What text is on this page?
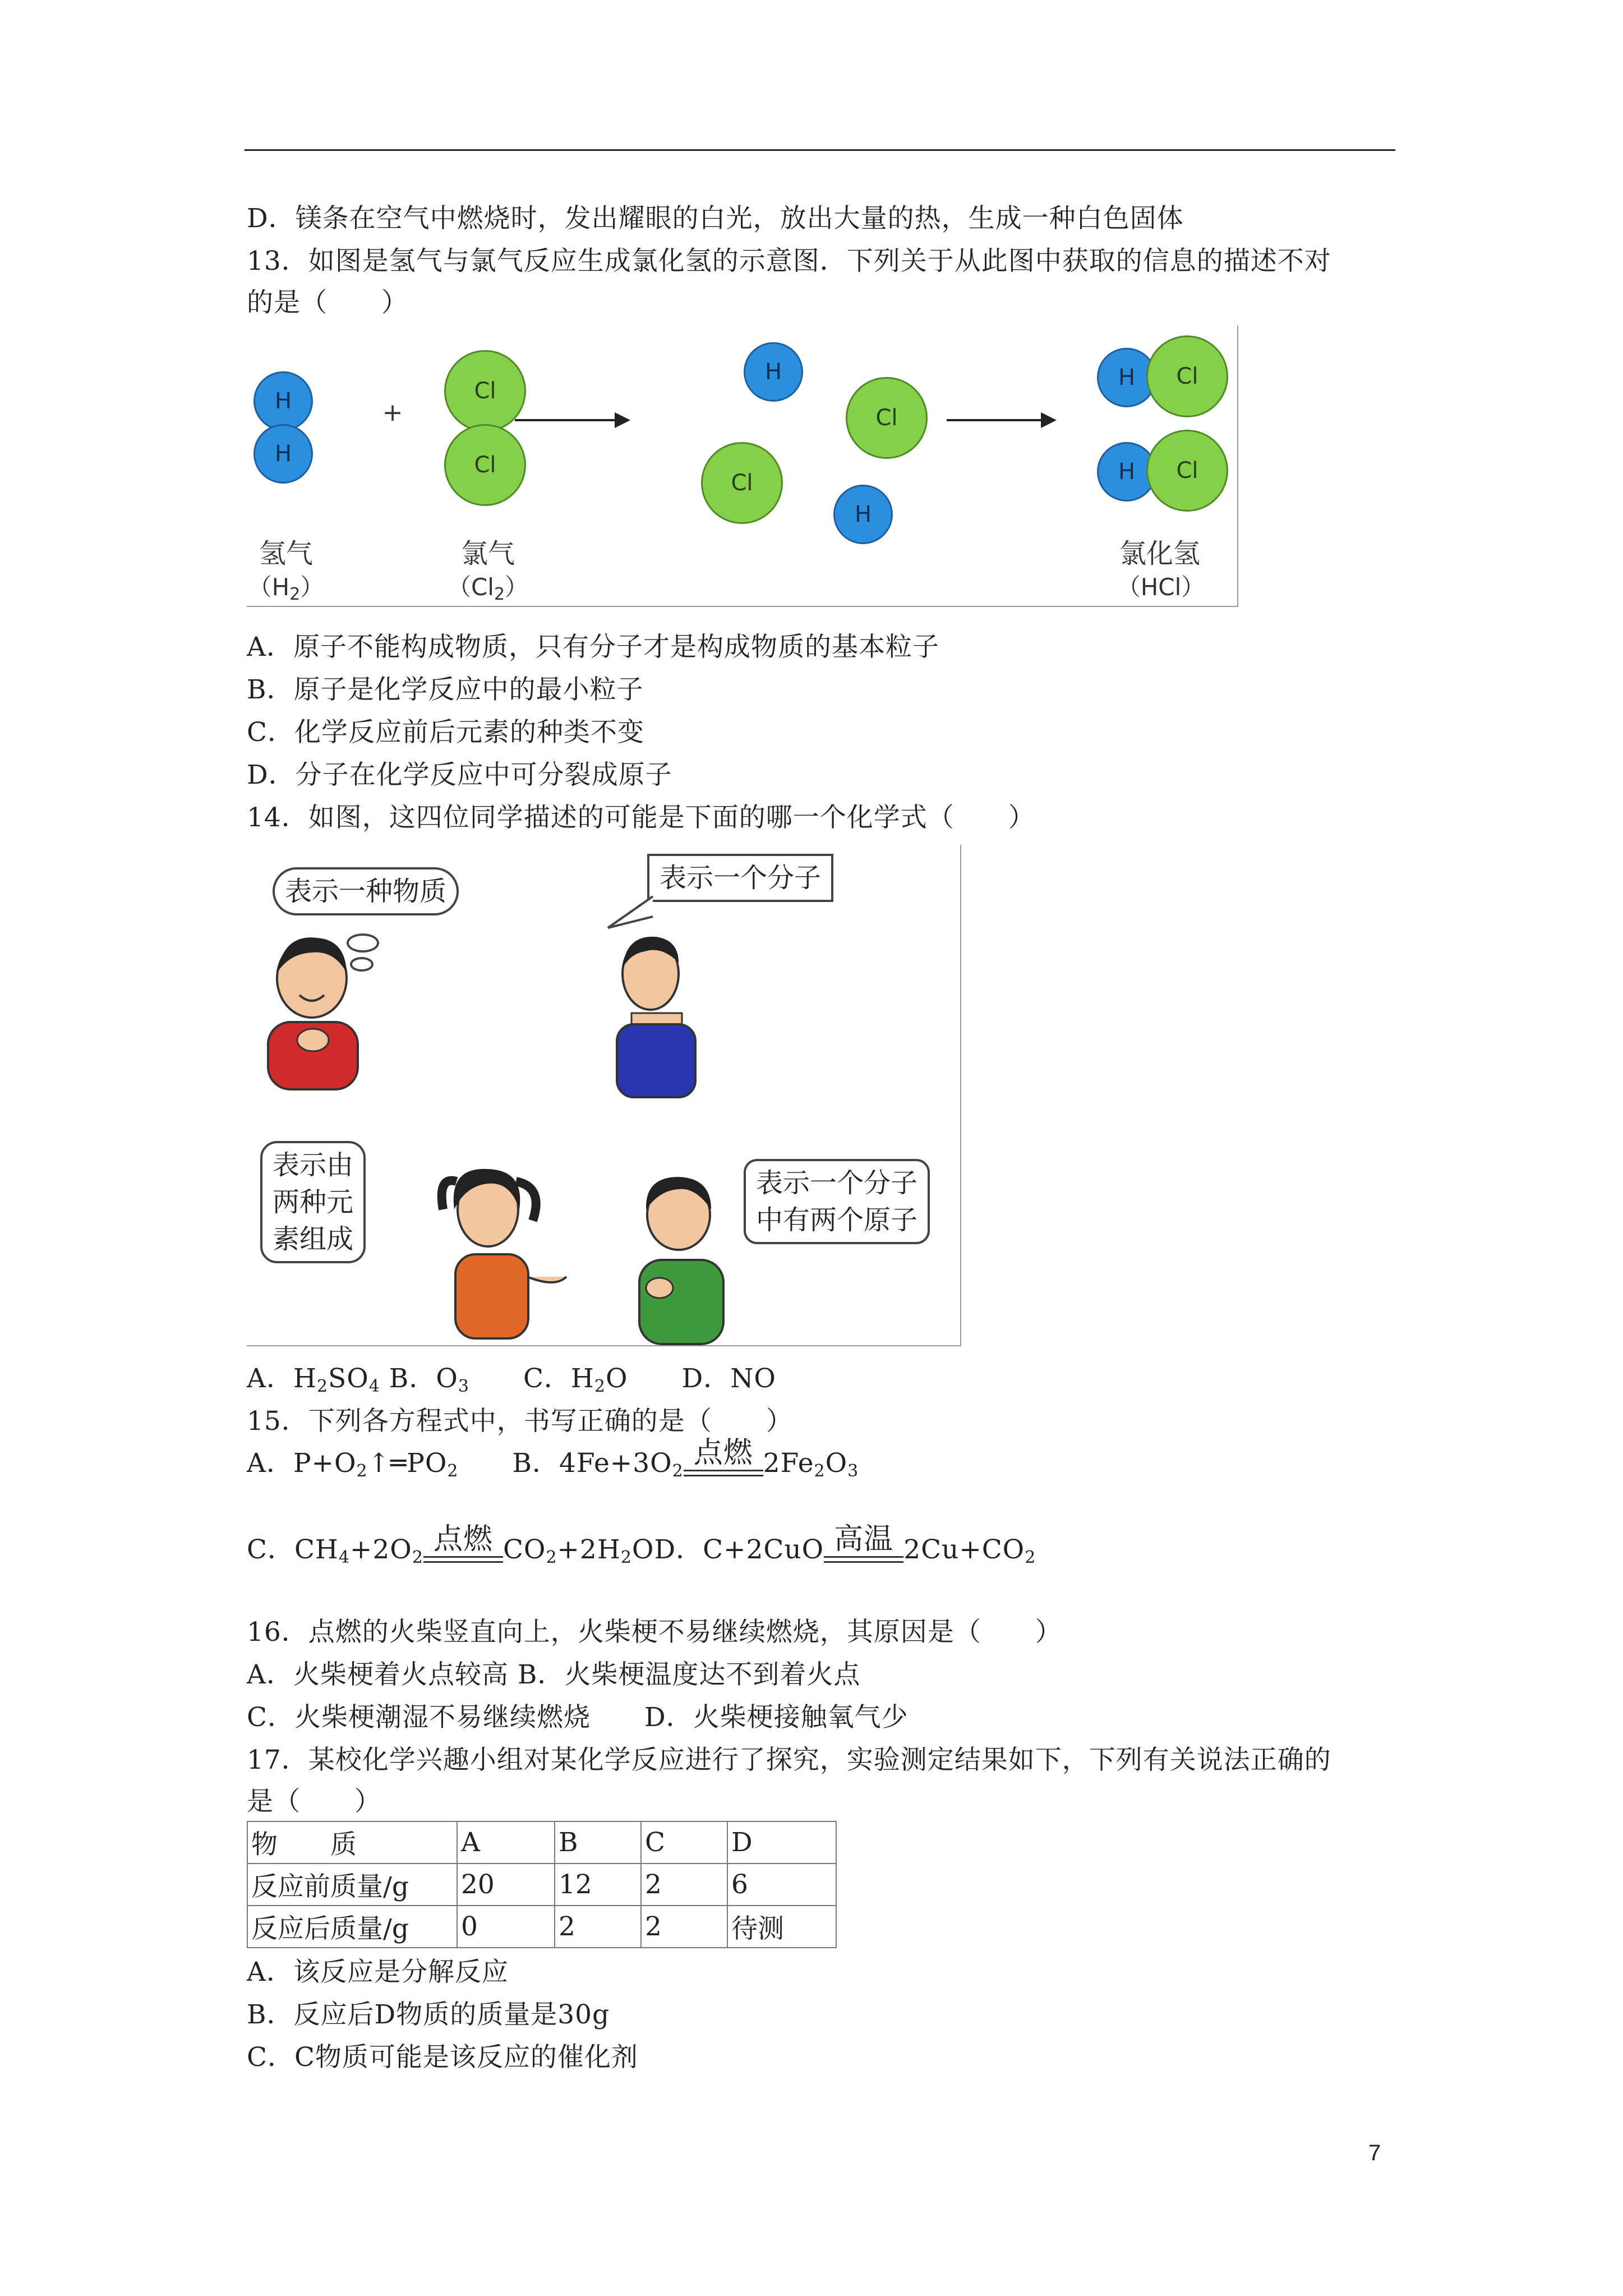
D．镁条在空气中燃烧时，发出耀眼的白光，放出大量的热，生成一种白色固体
13．如图是氢气与氯气反应生成氯化氢的示意图．下列关于从此图中获取的信息的描述不对
的是（　　）
H
H
+
Cl
Cl
H
Cl
Cl
H
H	Cl
H	Cl
氢气
$(H_2)$
氯气
$(Cl_2)$
氯化氢
（HCl）
A．原子不能构成物质，只有分子才是构成物质的基本粒子
B．原子是化学反应中的最小粒子
C．化学反应前后元素的种类不变
D．分子在化学反应中可分裂成原子
14．如图，这四位同学描述的可能是下面的哪一个化学式（　　）
表示一种物质	表示一个分子
表示由
两种元
素组成
表示一个分子
中有两个原子
A．$H_2SO_4$ B．$O_3$　　 C．$H_2O$　　 D．NO
15．下列各方程式中，书写正确的是（　　）
A．$P+O_2↑═PO_2$　　 B．$4Fe+3O_2$
点燃 $2Fe_2O_3$
C．$CH_4+2O_2$
点燃 $CO_2+2H_2OD$．C+2CuO 高温 $2Cu+CO_2$
16．点燃的火柴竖直向上，火柴梗不易继续燃烧，其原因是（　　）
A．火柴梗着火点较高 B．火柴梗温度达不到着火点
C．火柴梗潮湿不易继续燃烧　　D．火柴梗接触氧气少
17．某校化学兴趣小组对某化学反应进行了探究，实验测定结果如下，下列有关说法正确的
是（　　）
物　　质	A	B	C	D
反应前质量/g	20	12	2	6
反应后质量/g	0	2	2	待测
A．该反应是分解反应
B．反应后D物质的质量是30g
C．C物质可能是该反应的催化剂
7
